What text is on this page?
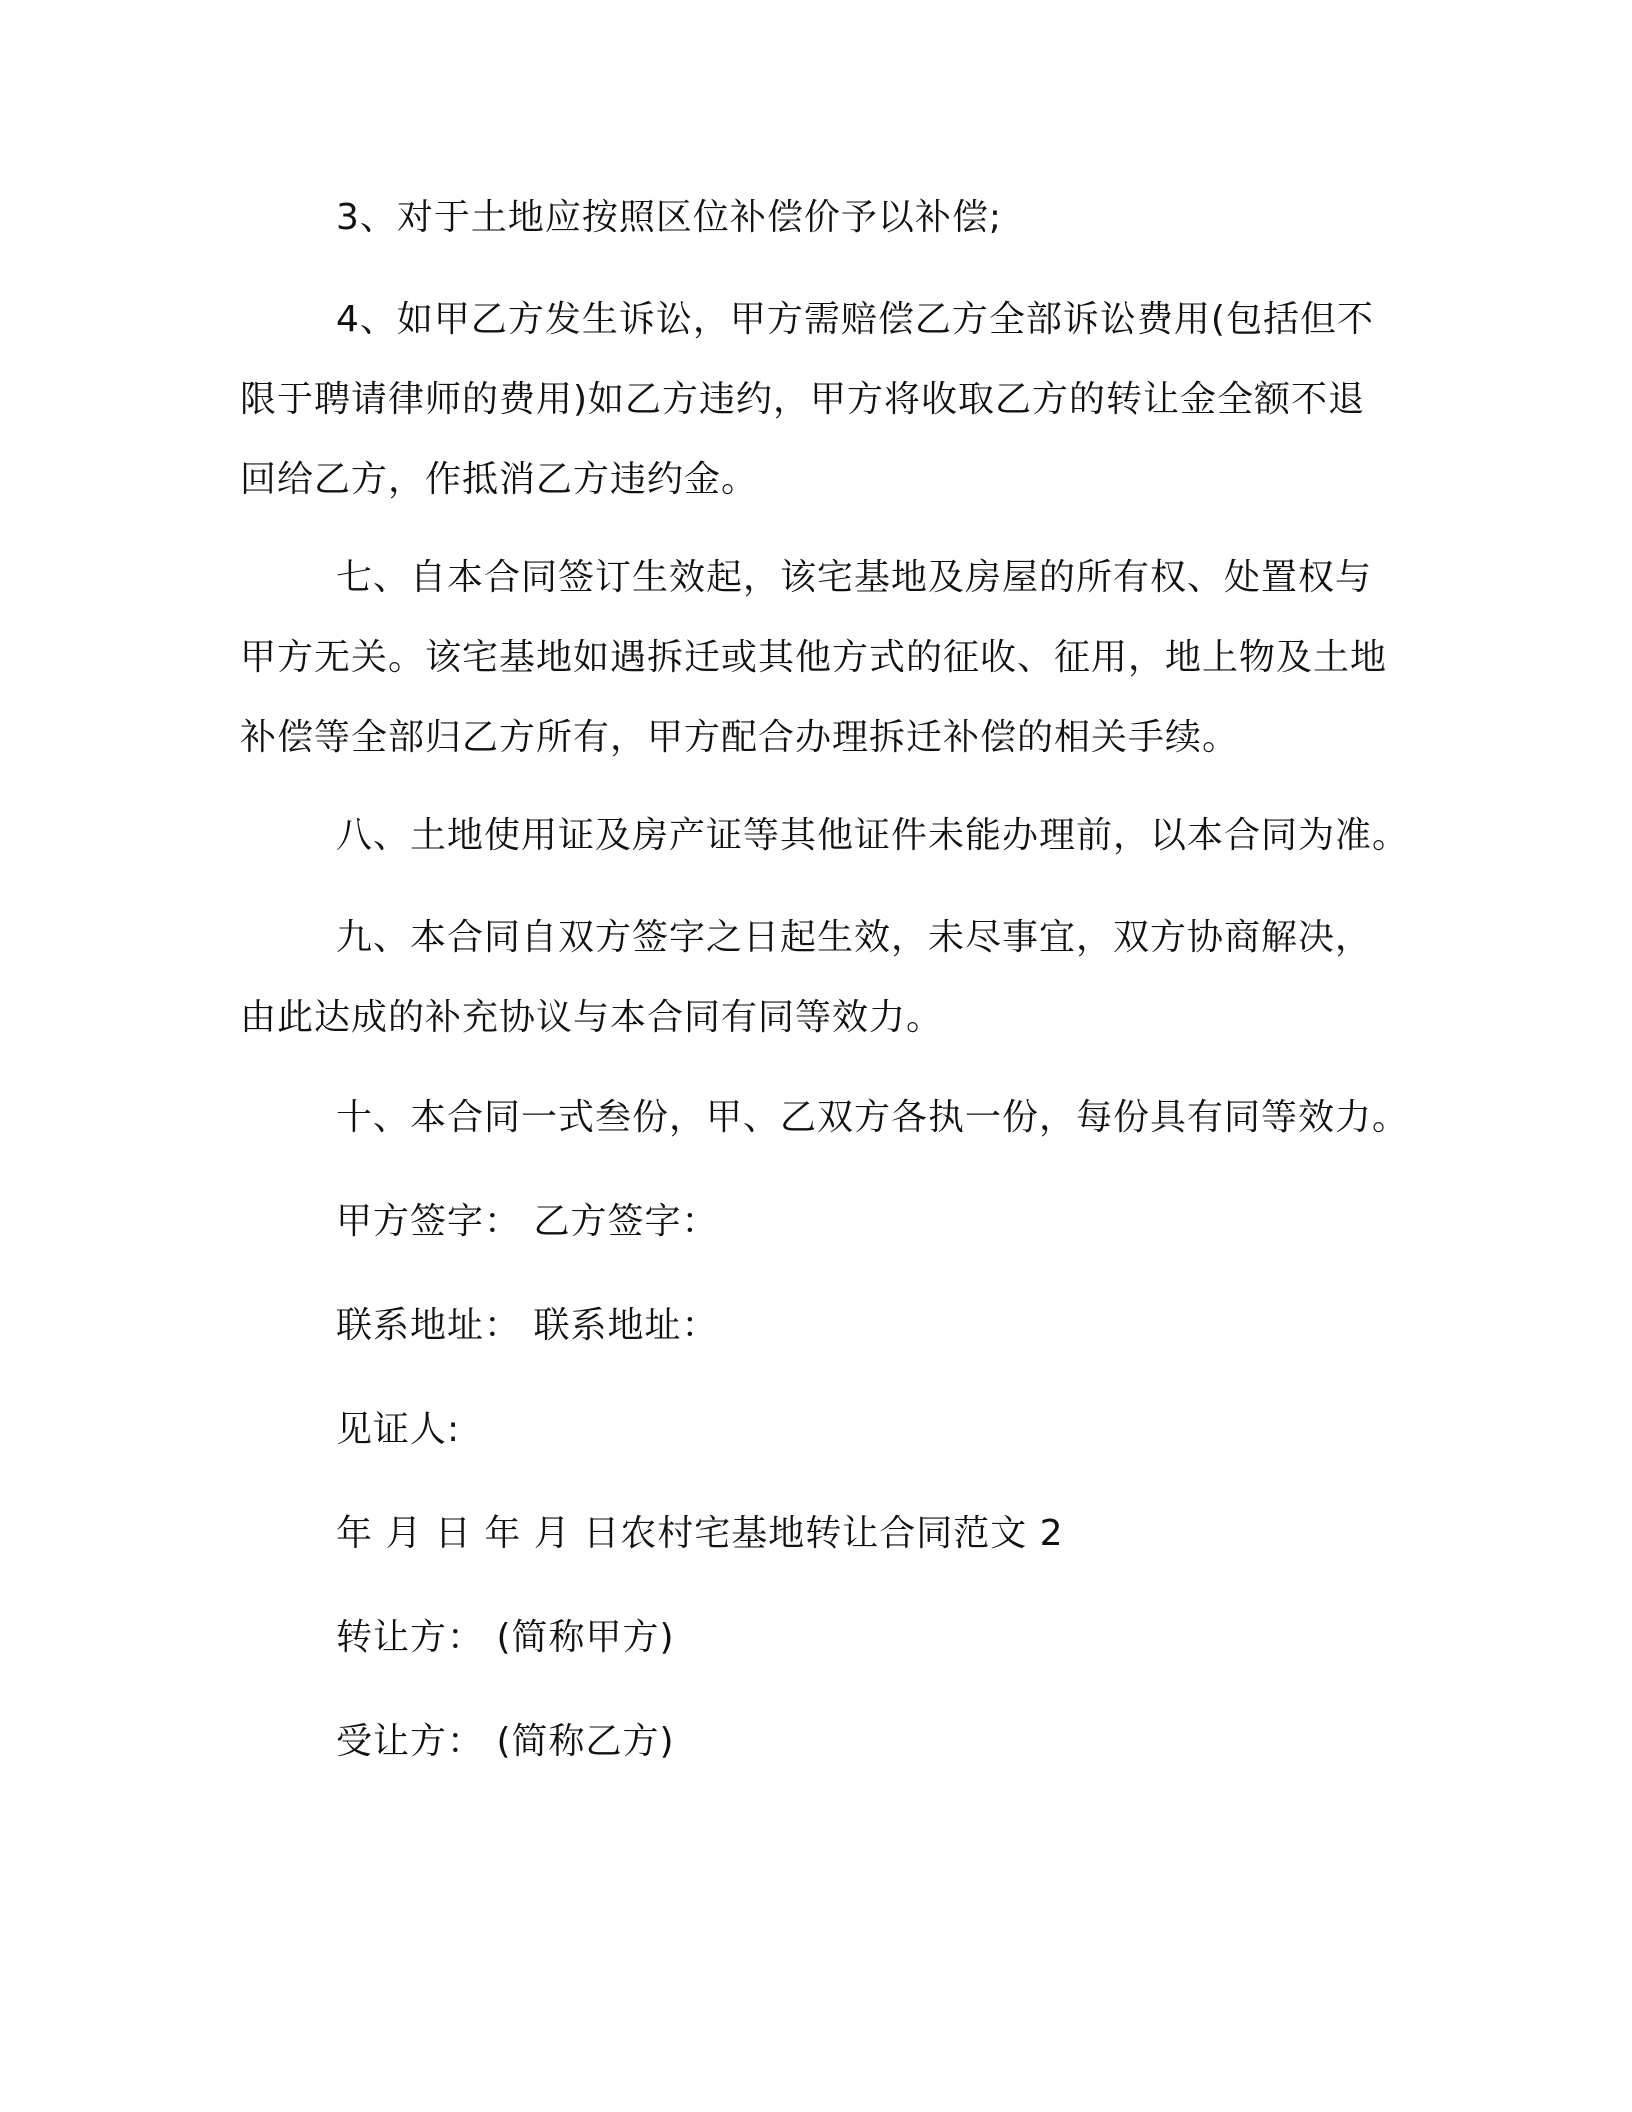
3、对于土地应按照区位补偿价予以补偿;

4、如甲乙方发生诉讼，甲方需赔偿乙方全部诉讼费用(包括但不限于聘请律师的费用)如乙方违约，甲方将收取乙方的转让金全额不退回给乙方，作抵消乙方违约金。

七、自本合同签订生效起，该宅基地及房屋的所有权、处置权与甲方无关。该宅基地如遇拆迁或其他方式的征收、征用，地上物及土地补偿等全部归乙方所有，甲方配合办理拆迁补偿的相关手续。

八、土地使用证及房产证等其他证件未能办理前，以本合同为准。

九、本合同自双方签字之日起生效，未尽事宜，双方协商解决，由此达成的补充协议与本合同有同等效力。

十、本合同一式叁份，甲、乙双方各执一份，每份具有同等效力。

甲方签字： 乙方签字：

联系地址： 联系地址：

见证人:

年 月 日 年 月 日农村宅基地转让合同范文 2

转让方： (简称甲方)

受让方： (简称乙方)
